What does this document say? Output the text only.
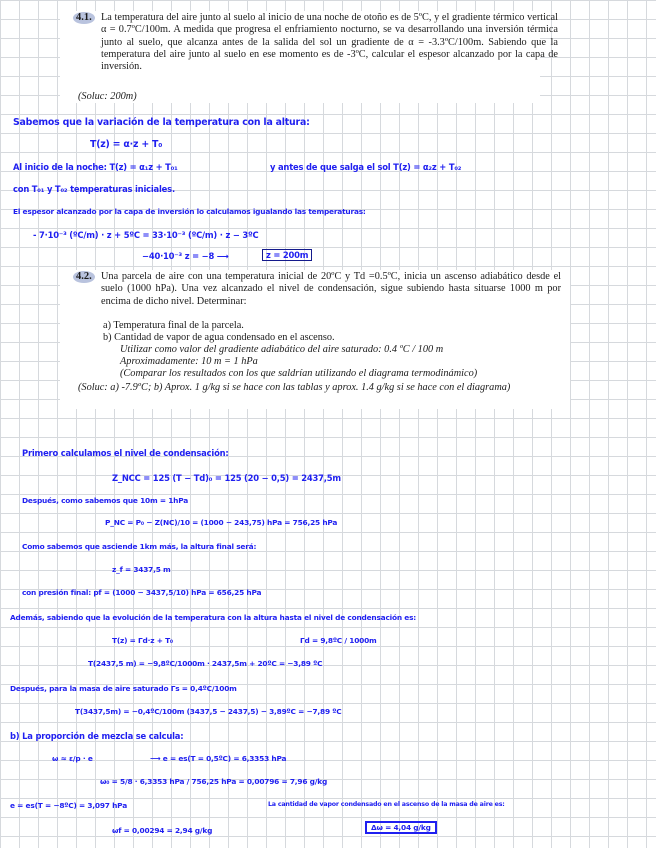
4.1. La temperatura del aire junto al suelo al inicio de una noche de otoño es de 5ºC, y el gradiente térmico vertical α = 0.7ºC/100m. A medida que progresa el enfriamiento nocturno, se va desarrollando una inversión térmica junto al suelo, que alcanza antes de la salida del sol un gradiente de α = -3.3ºC/100m. Sabiendo que la temperatura del aire junto al suelo en ese momento es de -3ºC, calcular el espesor alcanzado por la capa de inversión.
(Soluc: 200m)
Sabemos que la variación de la temperatura con la altura:
T(z) = α·z + T₀
Al inicio de la noche: T(z) = α₁z + T₀₁	y antes de que salga el sol T(z) = α₂z + T₀₂
con T₀₁ y T₀₂ temperaturas iniciales.
El espesor alcanzado por la capa de inversión lo calculamos igualando las temperaturas:
- 7·10⁻³ (ºC/m) · z + 5ºC = 33·10⁻³ (ºC/m) · z − 3ºC
−40·10⁻³ z = −8 ⟶	z = 200m
4.2. Una parcela de aire con una temperatura inicial de 20ºC y Td =0.5ºC, inicia un ascenso adiabático desde el suelo (1000 hPa). Una vez alcanzado el nivel de condensación, sigue subiendo hasta situarse 1000 m por encima de dicho nivel. Determinar:
a) Temperatura final de la parcela.
b) Cantidad de vapor de agua condensado en el ascenso.
Utilizar como valor del gradiente adiabático del aire saturado: 0.4 ºC / 100 m
Aproximadamente: 10 m = 1 hPa
(Comparar los resultados con los que saldrían utilizando el diagrama termodinámico)
(Soluc: a) -7.9ºC; b) Aprox. 1 g/kg si se hace con las tablas y aprox. 1.4 g/kg si se hace con el diagrama)
Primero calculamos el nivel de condensación:
Z_NCC = 125 (T − Td)₀ = 125 (20 − 0,5) = 2437,5m
Después, como sabemos que 10m = 1hPa
P_NC = P₀ − Z(NC)/10 = (1000 − 243,75) hPa = 756,25 hPa
Como sabemos que asciende 1km más, la altura final será:
z_f = 3437,5 m
con presión final: pf = (1000 − 3437,5/10) hPa = 656,25 hPa
Además, sabiendo que la evolución de la temperatura con la altura hasta el nivel de condensación es:
T(z) = Γd·z + T₀	Γd = 9,8ºC / 1000m
T(2437,5 m) = −9,8ºC/1000m · 2437,5m + 20ºC = −3,89 ºC
Después, para la masa de aire saturado Γs = 0,4ºC/100m
T(3437,5m) = −0,4ºC/100m (3437,5 − 2437,5) − 3,89ºC = −7,89 ºC
b) La proporción de mezcla se calcula:
ω ≈ ε/p · e	⟶ e = es(T = 0,5ºC) = 6,3353 hPa
ω₀ = 5/8 · 6,3353 hPa / 756,25 hPa = 0,00796 = 7,96 g/kg
e = es(T = −8ºC) = 3,097 hPa	La cantidad de vapor condensado en el ascenso de la masa de aire es:
ωf = 0,00294 = 2,94 g/kg	Δω = 4,04 g/kg
